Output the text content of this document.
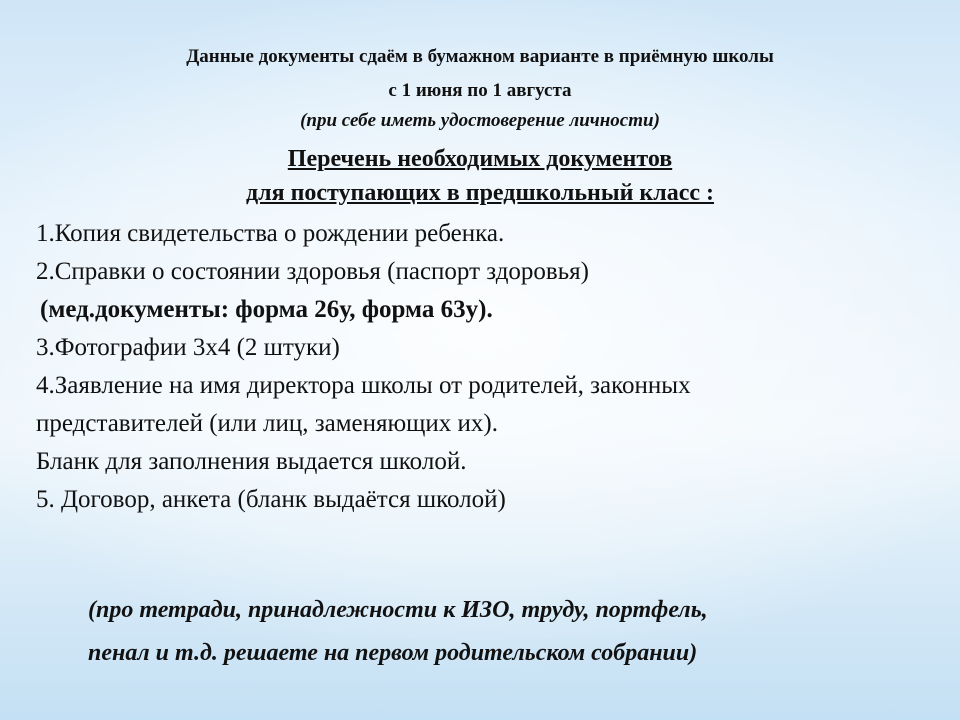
Данные документы сдаём в бумажном варианте в приёмную школы
с 1 июня по 1 августа
(при себе иметь удостоверение личности)
Перечень необходимых документов
для поступающих в предшкольный класс :
1.Копия свидетельства о рождении ребенка.
2.Справки о состоянии здоровья (паспорт здоровья)
(мед.документы: форма 26у, форма 63у).
3.Фотографии 3х4 (2 штуки)
4.Заявление на имя директора школы от родителей, законных
представителей (или лиц, заменяющих их).
Бланк для заполнения выдается школой.
5. Договор, анкета (бланк выдаётся школой)
(про тетради, принадлежности к ИЗО, труду, портфель,
пенал и т.д. решаете на первом родительском собрании)
